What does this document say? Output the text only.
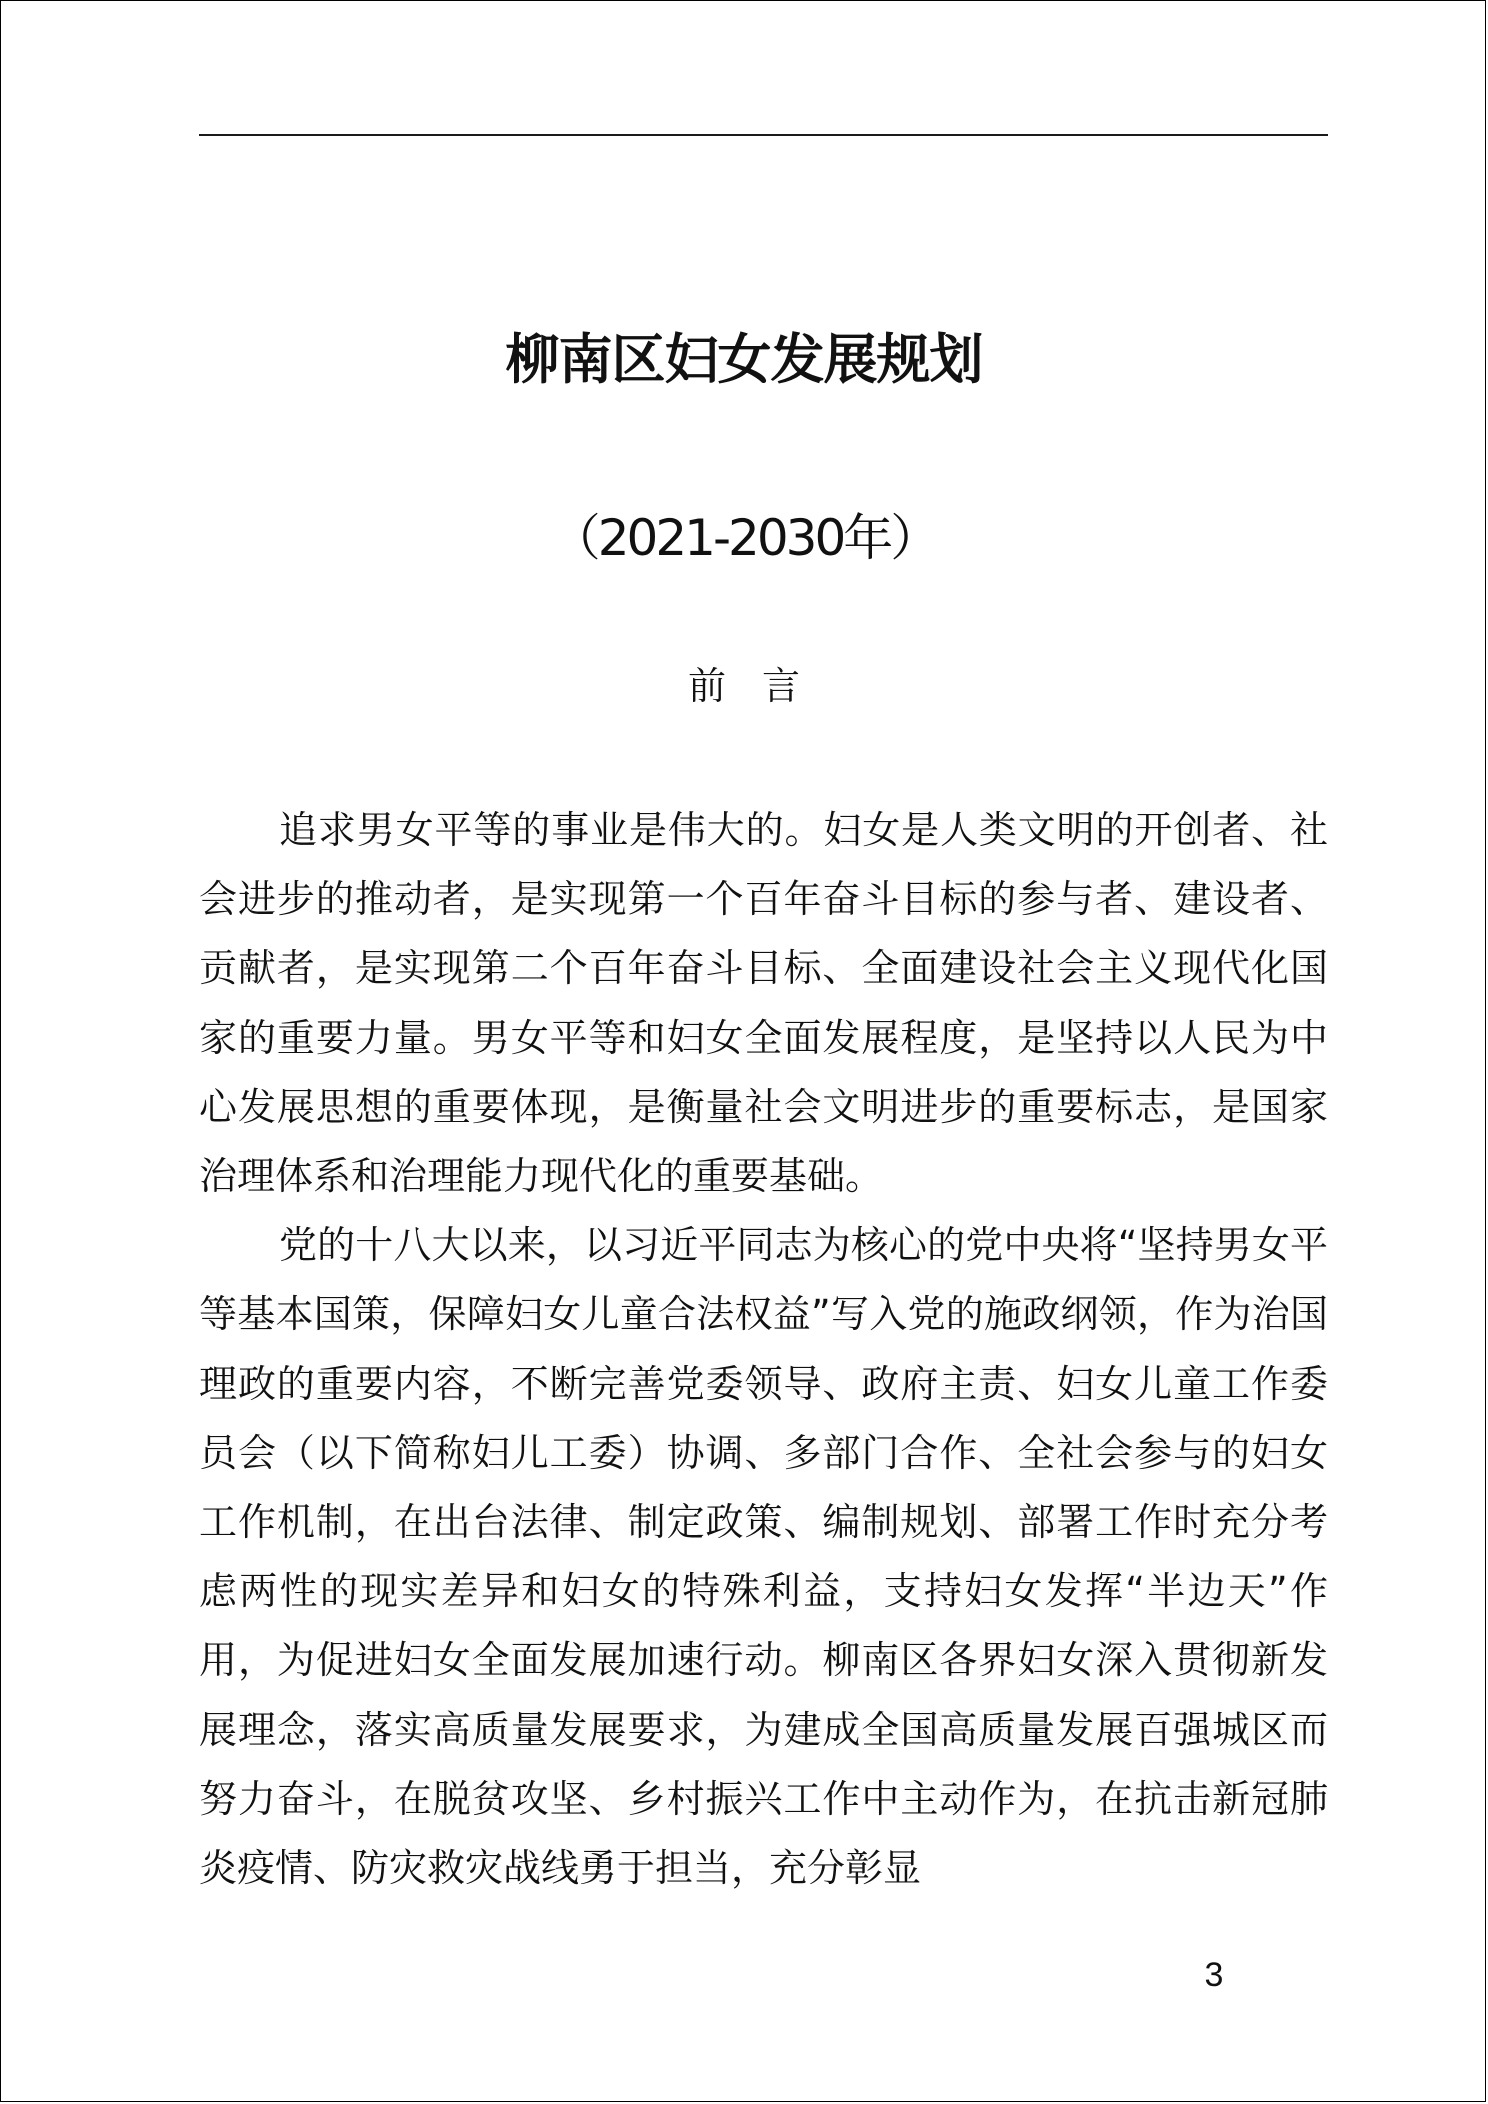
柳南区妇女发展规划
（2021-2030年）
前言

追求男女平等的事业是伟大的。妇女是人类文明的开创者、社会进步的推动者，是实现第一个百年奋斗目标的参与者、建设者、贡献者，是实现第二个百年奋斗目标、全面建设社会主义现代化国家的重要力量。男女平等和妇女全面发展程度，是坚持以人民为中心发展思想的重要体现，是衡量社会文明进步的重要标志，是国家治理体系和治理能力现代化的重要基础。

党的十八大以来，以习近平同志为核心的党中央将“坚持男女平等基本国策，保障妇女儿童合法权益”写入党的施政纲领，作为治国理政的重要内容，不断完善党委领导、政府主责、妇女儿童工作委员会（以下简称妇儿工委）协调、多部门合作、全社会参与的妇女工作机制，在出台法律、制定政策、编制规划、部署工作时充分考虑两性的现实差异和妇女的特殊利益，支持妇女发挥“半边天”作用，为促进妇女全面发展加速行动。柳南区各界妇女深入贯彻新发展理念，落实高质量发展要求，为建成全国高质量发展百强城区而努力奋斗，在脱贫攻坚、乡村振兴工作中主动作为，在抗击新冠肺炎疫情、防灾救灾战线勇于担当，充分彰显

3
